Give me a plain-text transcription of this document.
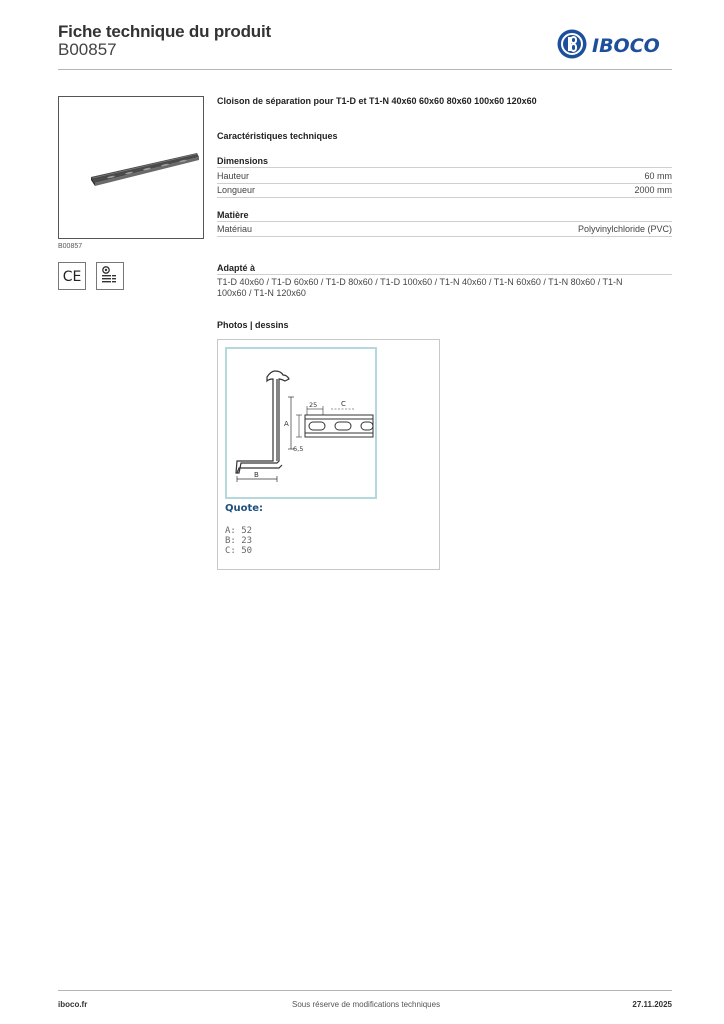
Fiche technique du produit
B00857	IBOCO
B00857
CE
Cloison de séparation pour T1-D et T1-N 40x60 60x60 80x60 100x60 120x60
Caractéristiques techniques
Dimensions
Hauteur	60 mm
Longueur	2000 mm
Matière
Matériau	Polyvinylchloride (PVC)
Adapté à
T1-D 40x60 / T1-D 60x60 / T1-D 80x60 / T1-D 100x60 / T1-N 40x60 / T1-N 60x60 / T1-N 80x60 / T1-N
100x60 / T1-N 120x60
Photos | dessins
A
B
25	C
6,5
Quote:
A: 52
B: 23
C: 50
iboco.fr	Sous réserve de modifications techniques	27.11.2025
